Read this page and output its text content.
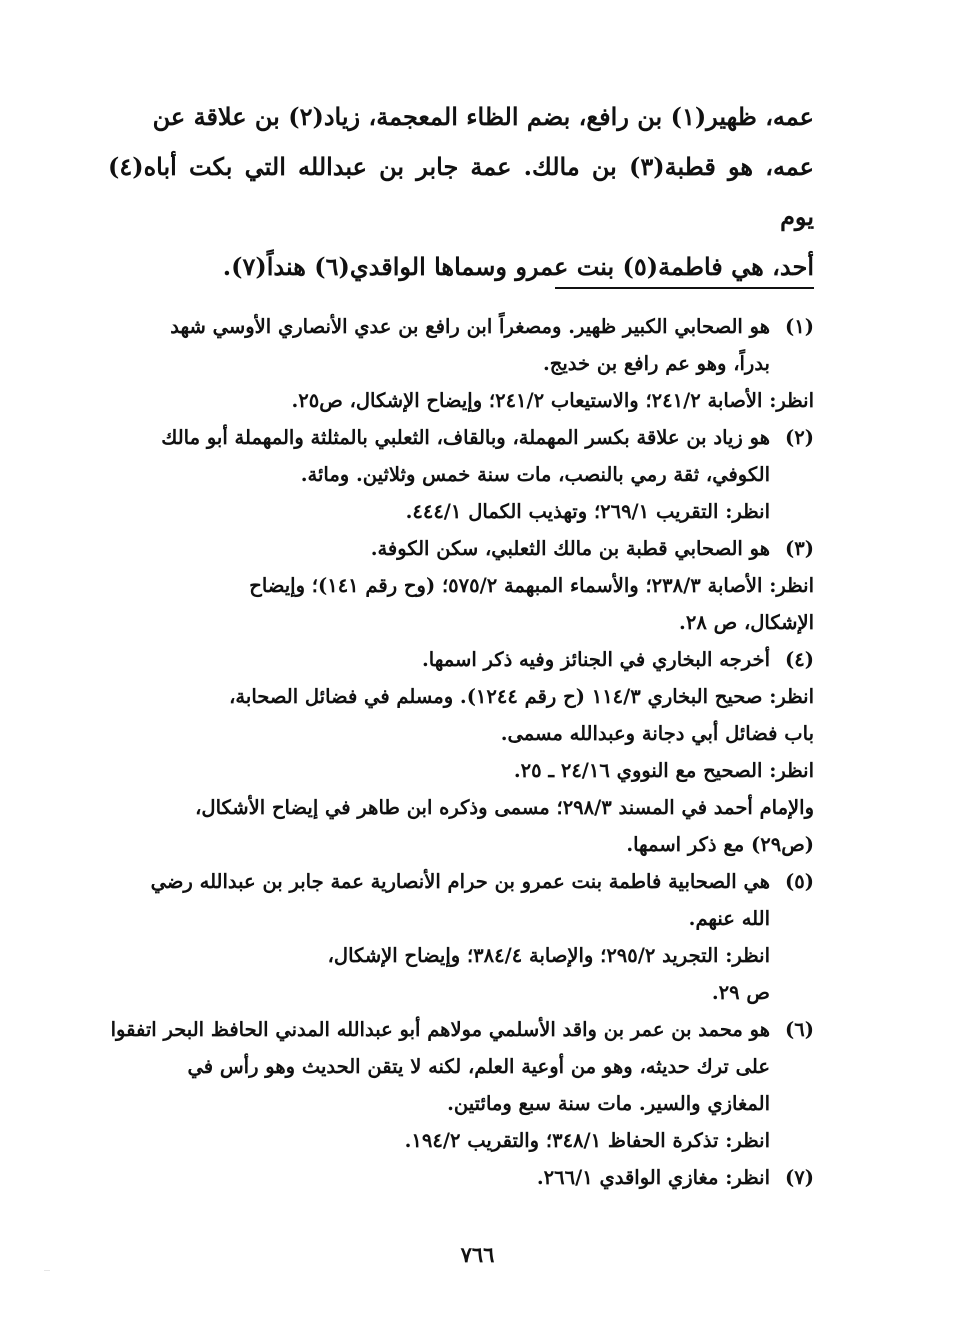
عمه، ظهير(١) بن رافع، بضم الظاء المعجمة، زياد(٢) بن علاقة عن

عمه، هو قطبة(٣) بن مالك. عمة جابر بن عبدالله التي بكت أباه(٤) يوم

أحد، هي فاطمة(٥) بنت عمرو وسماها الواقدي(٦) هنداً(٧).

(١)
هو الصحابي الكبير ظهير. ومصغراً ابن رافع بن عدي الأنصاري الأوسي شهد
بدراً، وهو عم رافع بن خديج.
انظر: الأصابة ٢٤١/٢؛ والاستيعاب ٢٤١/٢؛ وإيضاح الإشكال، ص٢٥.
(٢)
هو زياد بن علاقة بكسر المهملة، وبالقاف، الثعلبي بالمثلثة والمهملة أبو مالك
الكوفي، ثقة رمي بالنصب، مات سنة خمس وثلاثين. ومائة.
انظر: التقريب ٢٦٩/١؛ وتهذيب الكمال ٤٤٤/١.
(٣)
هو الصحابي قطبة بن مالك الثعلبي، سكن الكوفة.
انظر: الأصابة ٢٣٨/٣؛ والأسماء المبهمة ٥٧٥/٢؛ (وح رقم ١٤١)؛ وإيضاح
الإشكال، ص ٢٨.
(٤)
أخرجه البخاري في الجنائز وفيه ذكر اسمها.
انظر: صحيح البخاري ١١٤/٣ (ح رقم ١٢٤٤). ومسلم في فضائل الصحابة،
باب فضائل أبي دجانة وعبدالله مسمى.
انظر: الصحيح مع النووي ٢٤/١٦ ـ ٢٥.
والإمام أحمد في المسند ٢٩٨/٣؛ مسمى وذكره ابن طاهر في إيضاح الأشكال،
(ص٢٩) مع ذكر اسمها.
(٥)
هي الصحابية فاطمة بنت عمرو بن حرام الأنصارية عمة جابر بن عبدالله رضي
الله عنهم.
انظر: التجريد ٢٩٥/٢؛ والإصابة ٣٨٤/٤؛ وإيضاح الإشكال،
ص ٢٩.
(٦)
هو محمد بن عمر بن واقد الأسلمي مولاهم أبو عبدالله المدني الحافظ البحر اتفقوا
على ترك حديثه، وهو من أوعية العلم، لكنه لا يتقن الحديث وهو رأس في
المغازي والسير. مات سنة سبع ومائتين.
انظر: تذكرة الحفاظ ٣٤٨/١؛ والتقريب ١٩٤/٢.
(٧)
انظر: مغازي الواقدي ٢٦٦/١.
٧٦٦
